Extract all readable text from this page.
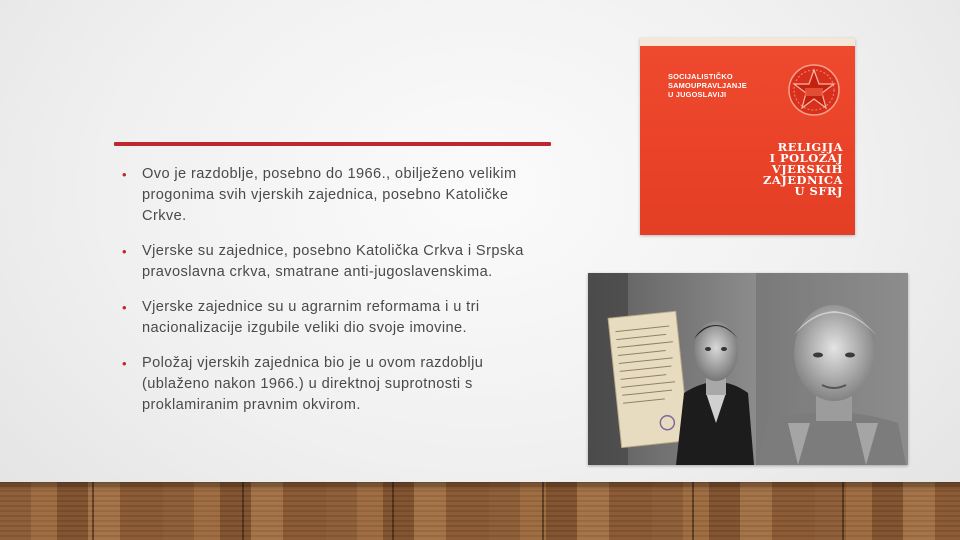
• Ovo je razdoblje, posebno do 1966., obilježeno velikim progonima svih vjerskih zajednica, posebno Katoličke Crkve.
• Vjerske su zajednice, posebno Katolička Crkva i Srpska pravoslavna crkva, smatrane anti-jugoslavenskima.
• Vjerske zajednice su u agrarnim reformama i u tri nacionalizacije izgubile veliki dio svoje imovine.
• Položaj vjerskih zajednica bio je u ovom razdoblju (ublaženo nakon 1966.) u direktnoj suprotnosti s proklamiranim pravnim okvirom.
SOCIJALISTIČKO
SAMOUPRAVLJANJE
U JUGOSLAVIJI
RELIGIJA
I POLOŽAJ
VJERSKIH
ZAJEDNICA
U SFRJ
